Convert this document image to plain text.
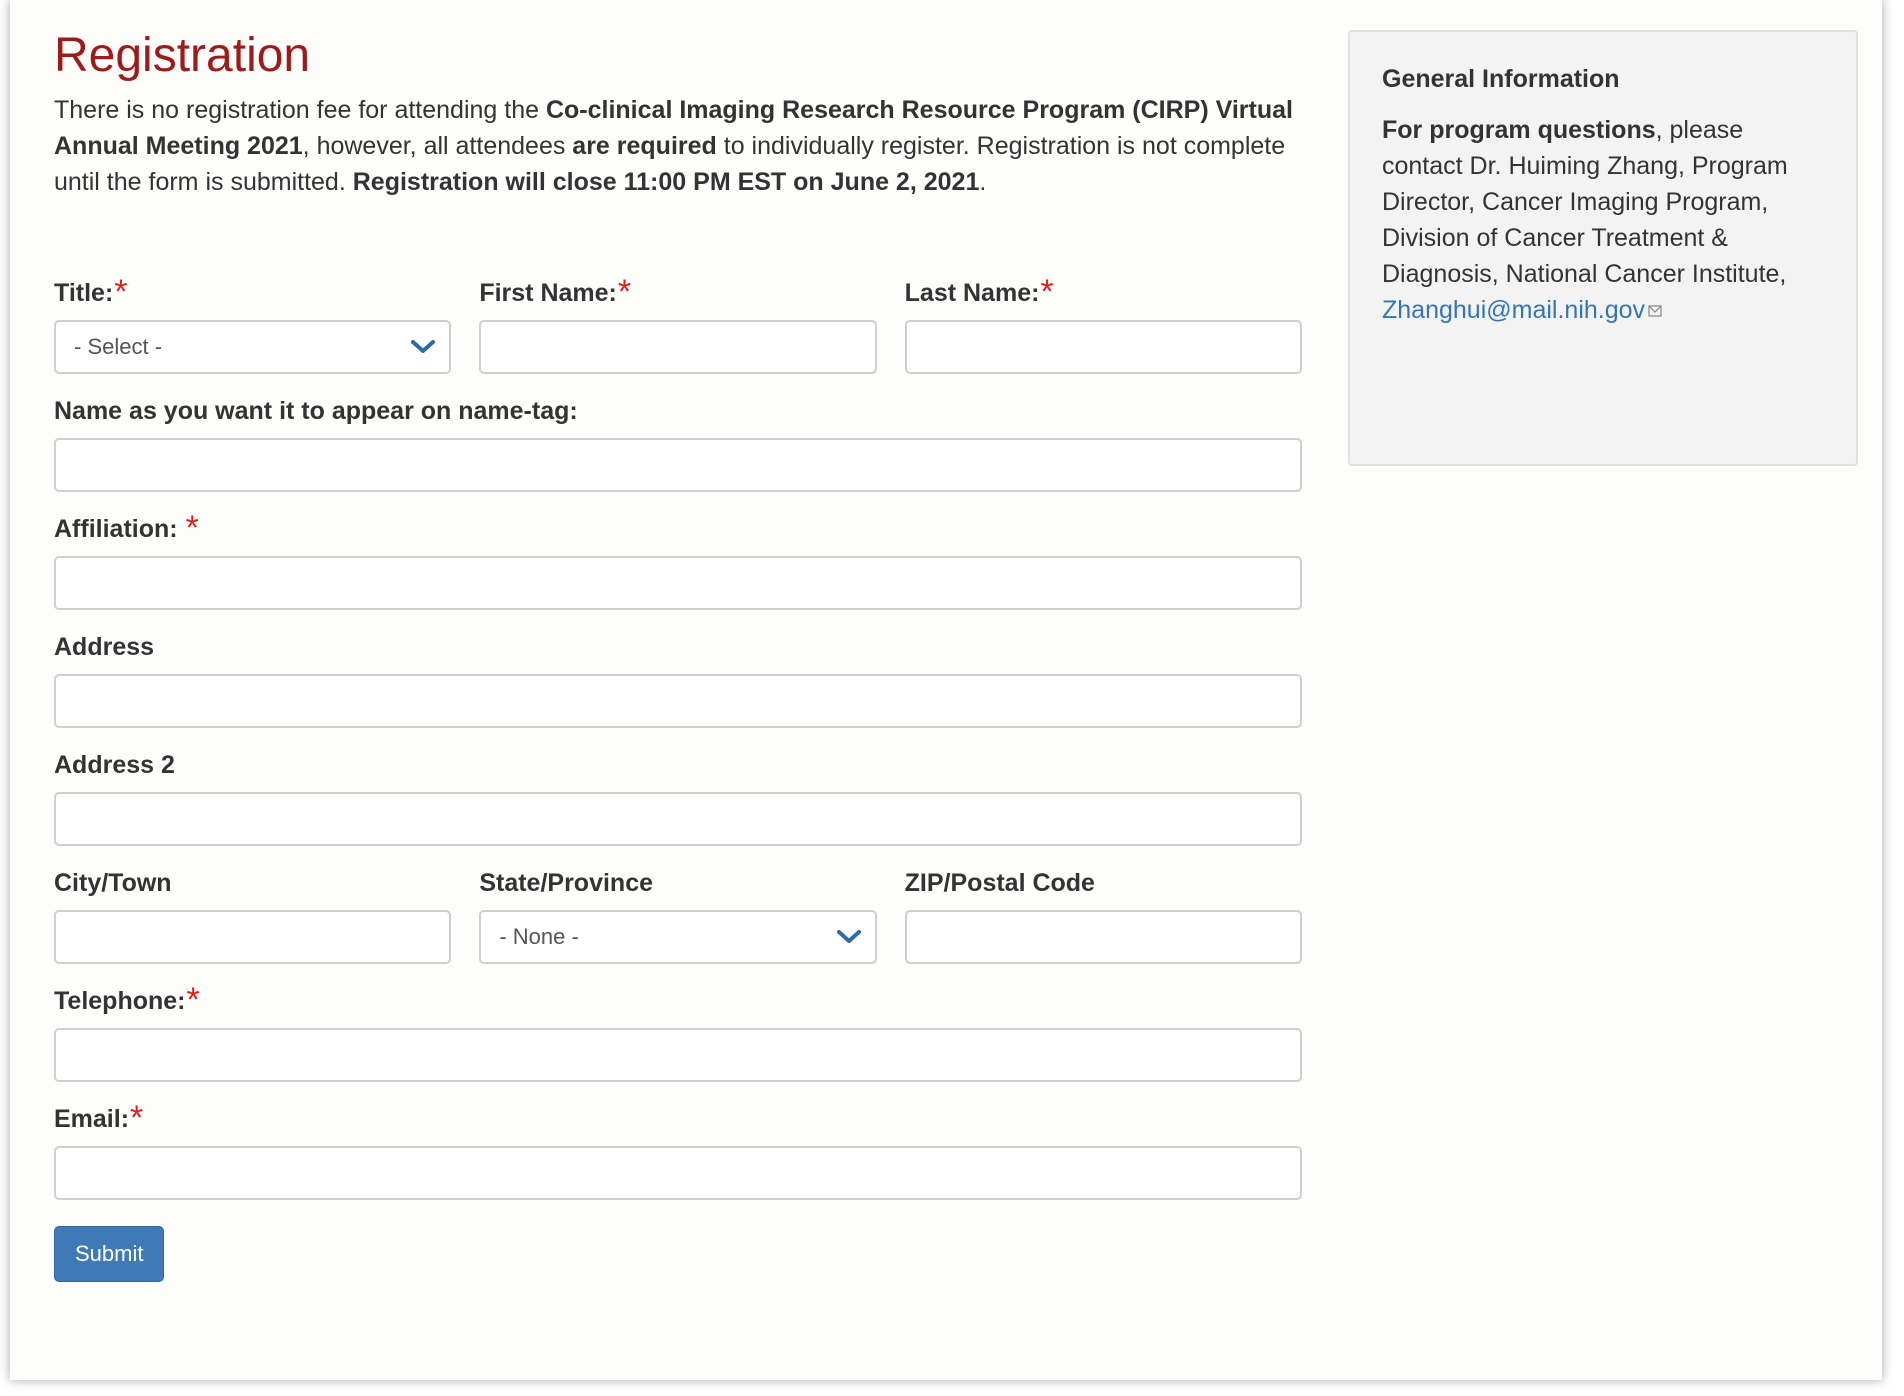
Registration

There is no registration fee for attending the Co-clinical Imaging Research Resource Program (CIRP) Virtual Annual Meeting 2021, however, all attendees are required to individually register. Registration is not complete until the form is submitted. Registration will close 11:00 PM EST on June 2, 2021.

Title:*
- Select -
First Name:*	Last Name:*
Name as you want it to appear on name-tag:
Affiliation: *
Address
Address 2
City/Town	State/Province
- None -
ZIP/Postal Code
Telephone:*
Email:*
Submit
General Information

For program questions, please contact Dr. Huiming Zhang, Program Director, Cancer Imaging Program, Division of Cancer Treatment & Diagnosis, National Cancer Institute, Zhanghui@mail.nih.gov
